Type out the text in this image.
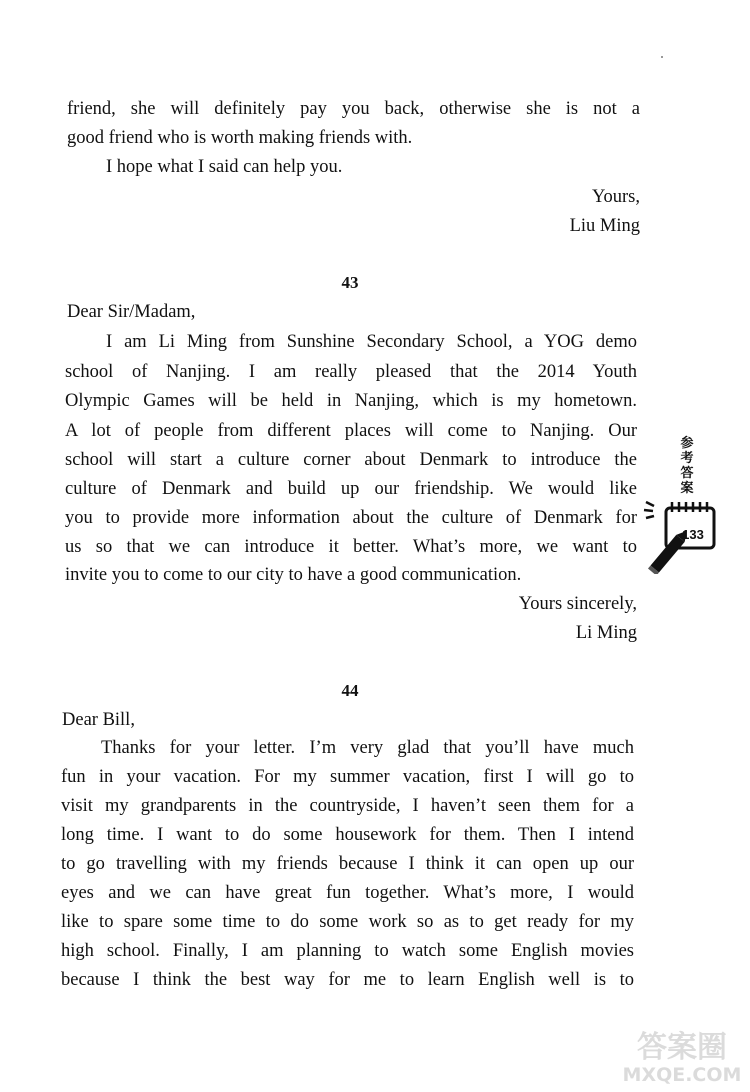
friend, she will definitely pay you back, otherwise she is not a
good friend who is worth making friends with.
I hope what I said can help you.
Yours,
Liu Ming
43
Dear Sir/Madam,
I am Li Ming from Sunshine Secondary School, a YOG demo
school of Nanjing. I am really pleased that the 2014 Youth
Olympic Games will be held in Nanjing, which is my hometown.
A lot of people from different places will come to Nanjing. Our
school will start a culture corner about Denmark to introduce the
culture of Denmark and build up our friendship. We would like
you to provide more information about the culture of Denmark for
us so that we can introduce it better. What’s more, we want to
invite you to come to our city to have a good communication.
Yours sincerely,
Li Ming
44
Dear Bill,
Thanks for your letter. I’m very glad that you’ll have much
fun in your vacation. For my summer vacation, first I will go to
visit my grandparents in the countryside, I haven’t seen them for a
long time. I want to do some housework for them. Then I intend
to go travelling with my friends because I think it can open up our
eyes and we can have great fun together. What’s more, I would
like to spare some time to do some work so as to get ready for my
high school. Finally, I am planning to watch some English movies
because I think the best way for me to learn English well is to
参
考
答
案
133
答案圈
MXQE.COM
